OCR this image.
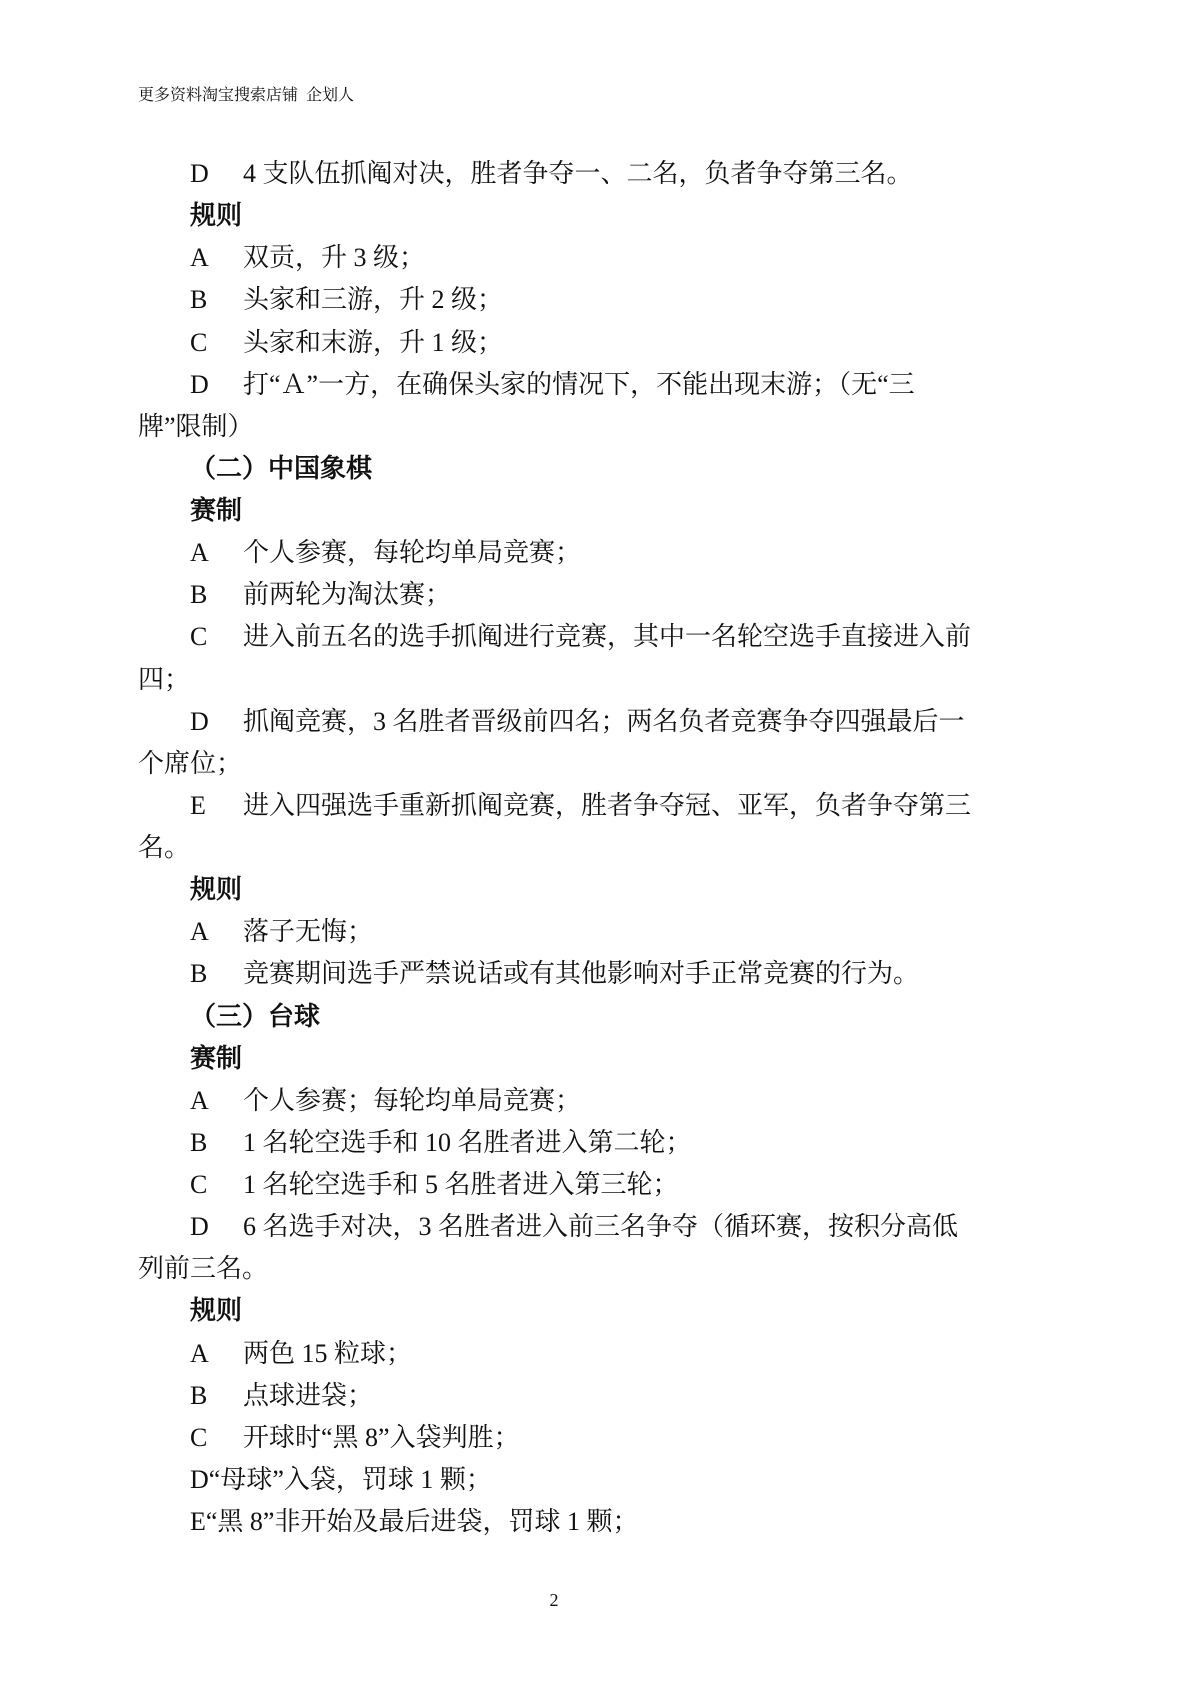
更多资料淘宝搜索店铺  企划人
D 4 支队伍抓阄对决，胜者争夺一、二名，负者争夺第三名。
规则
A 双贡，升 3 级；
B 头家和三游，升 2 级；
C 头家和末游，升 1 级；
D 打“Ａ”一方，在确保头家的情况下，不能出现末游；（无“三
牌”限制）
（二）中国象棋
赛制
A 个人参赛，每轮均单局竞赛；
B 前两轮为淘汰赛；
C 进入前五名的选手抓阄进行竞赛，其中一名轮空选手直接进入前
四；
D 抓阄竞赛，3 名胜者晋级前四名；两名负者竞赛争夺四强最后一
个席位；
E 进入四强选手重新抓阄竞赛，胜者争夺冠、亚军，负者争夺第三
名。
规则
A 落子无悔；
B 竞赛期间选手严禁说话或有其他影响对手正常竞赛的行为。
（三）台球
赛制
A 个人参赛；每轮均单局竞赛；
B 1 名轮空选手和 10 名胜者进入第二轮；
C 1 名轮空选手和 5 名胜者进入第三轮；
D 6 名选手对决，3 名胜者进入前三名争夺（循环赛，按积分高低
列前三名。
规则
A 两色 15 粒球；
B 点球进袋；
C 开球时“黑 8”入袋判胜；
D“母球”入袋，罚球 1 颗；
E“黑 8”非开始及最后进袋，罚球 1 颗；
2
